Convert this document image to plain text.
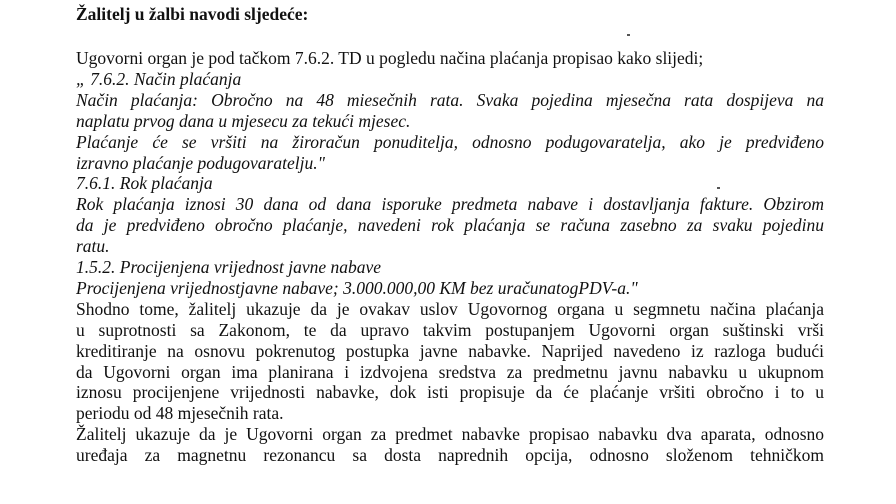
Žalitelj u žalbi navodi sljedeće:
Ugovorni organ je pod tačkom 7.6.2. TD u pogledu načina plaćanja propisao kako slijedi;
„ 7.6.2. Način plaćanja
Način plaćanja: Obročno na 48 miesečnih rata. Svaka pojedina mjesečna rata dospijeva na
naplatu prvog dana u mjesecu za tekući mjesec.
Plaćanje će se vršiti na žiroračun ponuditelja, odnosno podugovaratelja, ako je predviđeno
izravno plaćanje podugovaratelju."
7.6.1. Rok plaćanja
Rok plaćanja iznosi 30 dana od dana isporuke predmeta nabave i dostavljanja fakture. Obzirom
da je predviđeno obročno plaćanje, navedeni rok plaćanja se računa zasebno za svaku pojedinu
ratu.
1.5.2. Procijenjena vrijednost javne nabave
Procijenjena vrijednostjavne nabave; 3.000.000,00 KM bez uračunatogPDV-a."
Shodno tome, žalitelj ukazuje da je ovakav uslov Ugovornog organa u segmnetu načina plaćanja
u suprotnosti sa Zakonom, te da upravo takvim postupanjem Ugovorni organ suštinski vrši
kreditiranje na osnovu pokrenutog postupka javne nabavke. Naprijed navedeno iz razloga budući
da Ugovorni organ ima planirana i izdvojena sredstva za predmetnu javnu nabavku u ukupnom
iznosu procijenjene vrijednosti nabavke, dok isti propisuje da će plaćanje vršiti obročno i to u
periodu od 48 mjesečnih rata.
Žalitelj ukazuje da je Ugovorni organ za predmet nabavke propisao nabavku dva aparata, odnosno
uređaja za magnetnu rezonancu sa dosta naprednih opcija, odnosno složenom tehničkom
